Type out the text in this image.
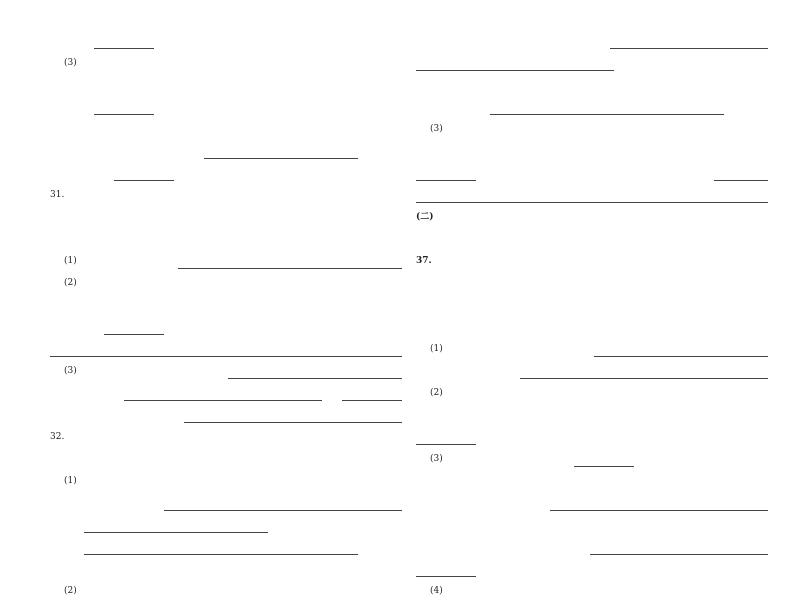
(3)
31.
(1)
(2)
(3)
32.
(1)
(2)
(3)
(二)
37.
(1)
(2)
(3)
(4)
